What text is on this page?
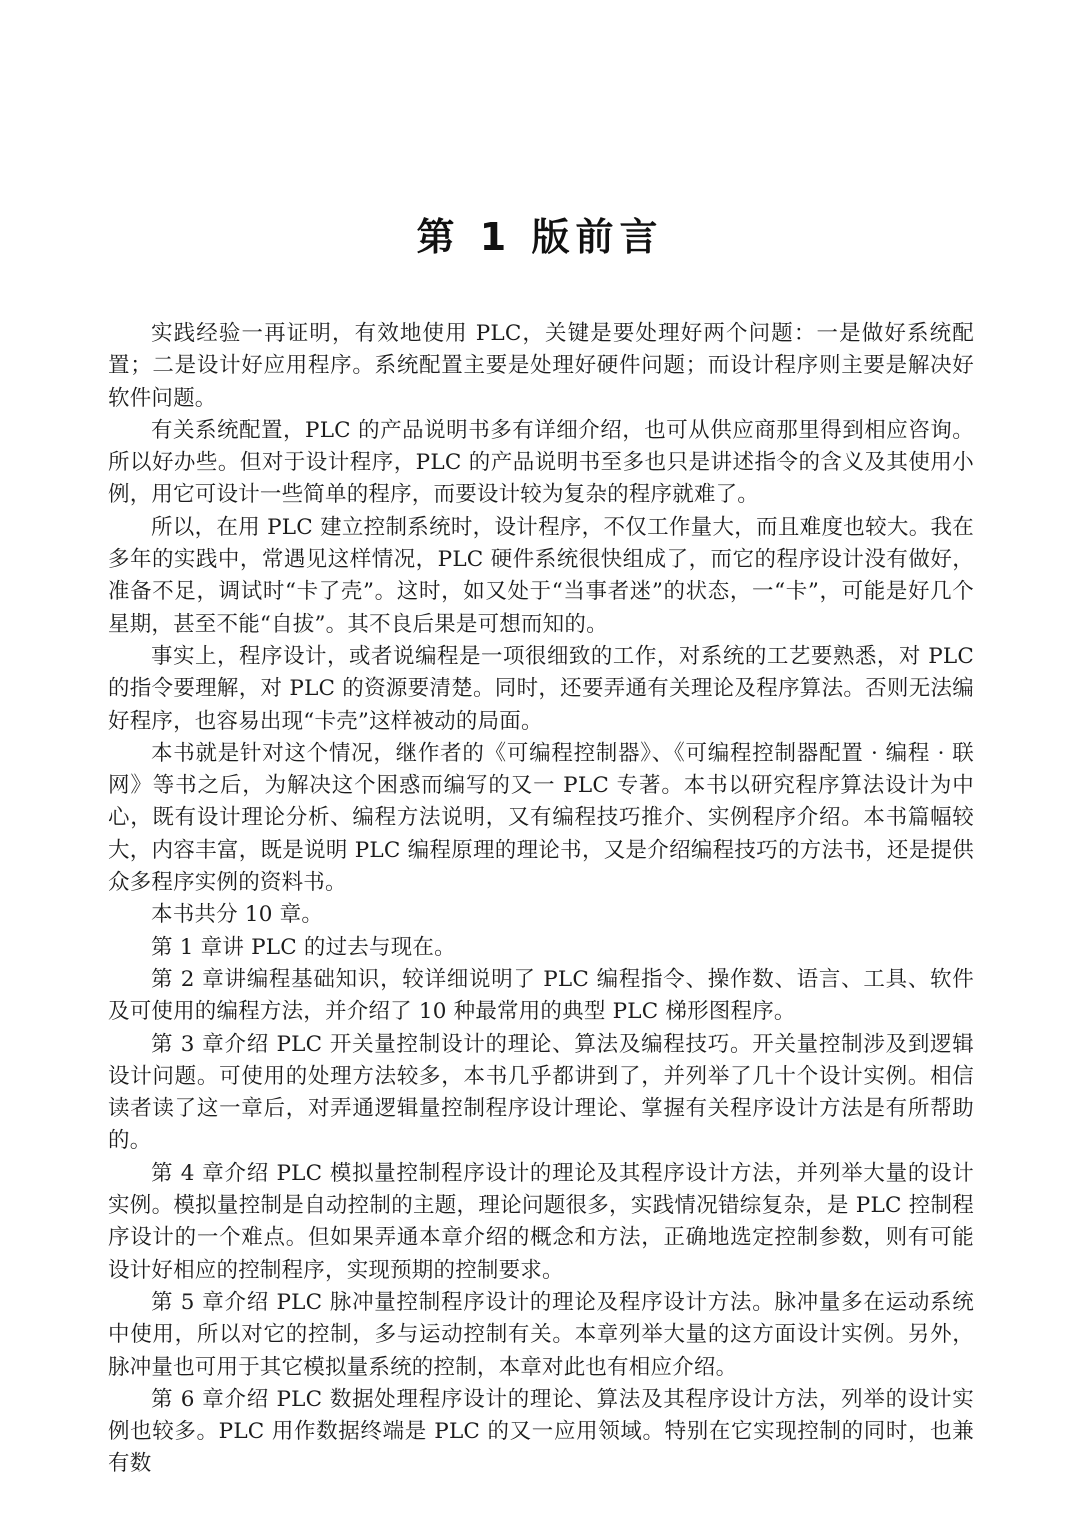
第 1 版前言

实践经验一再证明，有效地使用 PLC，关键是要处理好两个问题：一是做好系统配置；二是设计好应用程序。系统配置主要是处理好硬件问题；而设计程序则主要是解决好软件问题。

有关系统配置，PLC 的产品说明书多有详细介绍，也可从供应商那里得到相应咨询。所以好办些。但对于设计程序，PLC 的产品说明书至多也只是讲述指令的含义及其使用小例，用它可设计一些简单的程序，而要设计较为复杂的程序就难了。

所以，在用 PLC 建立控制系统时，设计程序，不仅工作量大，而且难度也较大。我在多年的实践中，常遇见这样情况，PLC 硬件系统很快组成了，而它的程序设计没有做好，准备不足，调试时“卡了壳”。这时，如又处于“当事者迷”的状态，一“卡”，可能是好几个星期，甚至不能“自拔”。其不良后果是可想而知的。

事实上，程序设计，或者说编程是一项很细致的工作，对系统的工艺要熟悉，对 PLC 的指令要理解，对 PLC 的资源要清楚。同时，还要弄通有关理论及程序算法。否则无法编好程序，也容易出现“卡壳”这样被动的局面。

本书就是针对这个情况，继作者的《可编程控制器》、《可编程控制器配置 · 编程 · 联网》等书之后，为解决这个困惑而编写的又一 PLC 专著。本书以研究程序算法设计为中心，既有设计理论分析、编程方法说明，又有编程技巧推介、实例程序介绍。本书篇幅较大，内容丰富，既是说明 PLC 编程原理的理论书，又是介绍编程技巧的方法书，还是提供众多程序实例的资料书。

本书共分 10 章。

第 1 章讲 PLC 的过去与现在。

第 2 章讲编程基础知识，较详细说明了 PLC 编程指令、操作数、语言、工具、软件及可使用的编程方法，并介绍了 10 种最常用的典型 PLC 梯形图程序。

第 3 章介绍 PLC 开关量控制设计的理论、算法及编程技巧。开关量控制涉及到逻辑设计问题。可使用的处理方法较多，本书几乎都讲到了，并列举了几十个设计实例。相信读者读了这一章后，对弄通逻辑量控制程序设计理论、掌握有关程序设计方法是有所帮助的。

第 4 章介绍 PLC 模拟量控制程序设计的理论及其程序设计方法，并列举大量的设计实例。模拟量控制是自动控制的主题，理论问题很多，实践情况错综复杂，是 PLC 控制程序设计的一个难点。但如果弄通本章介绍的概念和方法，正确地选定控制参数，则有可能设计好相应的控制程序，实现预期的控制要求。

第 5 章介绍 PLC 脉冲量控制程序设计的理论及程序设计方法。脉冲量多在运动系统中使用，所以对它的控制，多与运动控制有关。本章列举大量的这方面设计实例。另外，脉冲量也可用于其它模拟量系统的控制，本章对此也有相应介绍。

第 6 章介绍 PLC 数据处理程序设计的理论、算法及其程序设计方法，列举的设计实例也较多。PLC 用作数据终端是 PLC 的又一应用领域。特别在它实现控制的同时，也兼有数
